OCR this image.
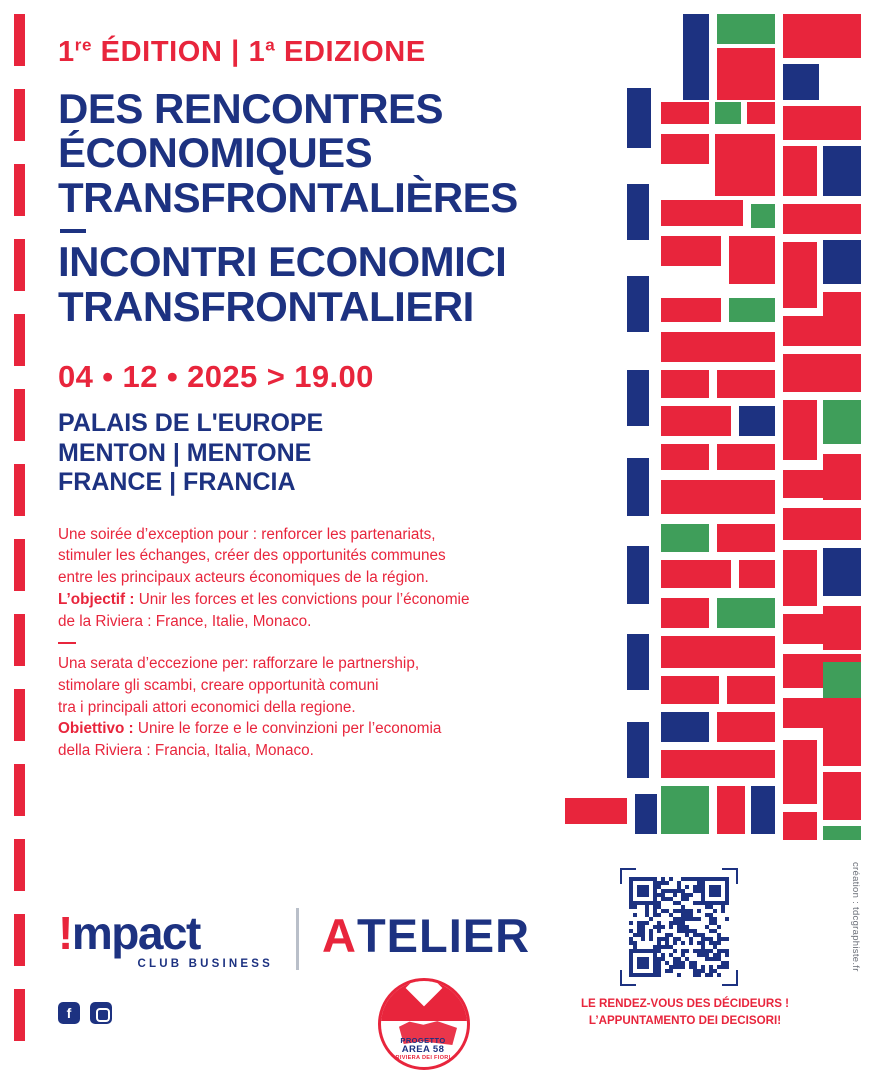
1re ÉDITION | 1$^a$ EDIZIONE
DES RENCONTRES
ÉCONOMIQUES
TRANSFRONTALIÈRES
INCONTRI ECONOMICI
TRANSFRONTALIERI
04 • 12 • 2025 > 19.00
PALAIS DE L'EUROPE
MENTON | MENTONE
FRANCE | FRANCIA

Une soirée d’exception pour : renforcer les partenariats,

stimuler les échanges, créer des opportunités communes

entre les principaux acteurs économiques de la région.

L’objectif : Unir les forces et les convictions pour l’économie

de la Riviera : France, Italie, Monaco.

Una serata d’eccezione per: rafforzare le partnership,

stimolare gli scambi, creare opportunità comuni

tra i principali attori economici della regione.

Obiettivo : Unire le forze e le convinzioni per l’economia

della Riviera : Francia, Italia, Monaco.

!mpact
CLUB BUSINESS
ATELIER
f
PROGETTO
AREA 58
RIVIERA DEI FIORI
LE RENDEZ-VOUS DES DÉCIDEURS !
L’APPUNTAMENTO DEI DECISORI!
création : tdcgraphiste.fr
